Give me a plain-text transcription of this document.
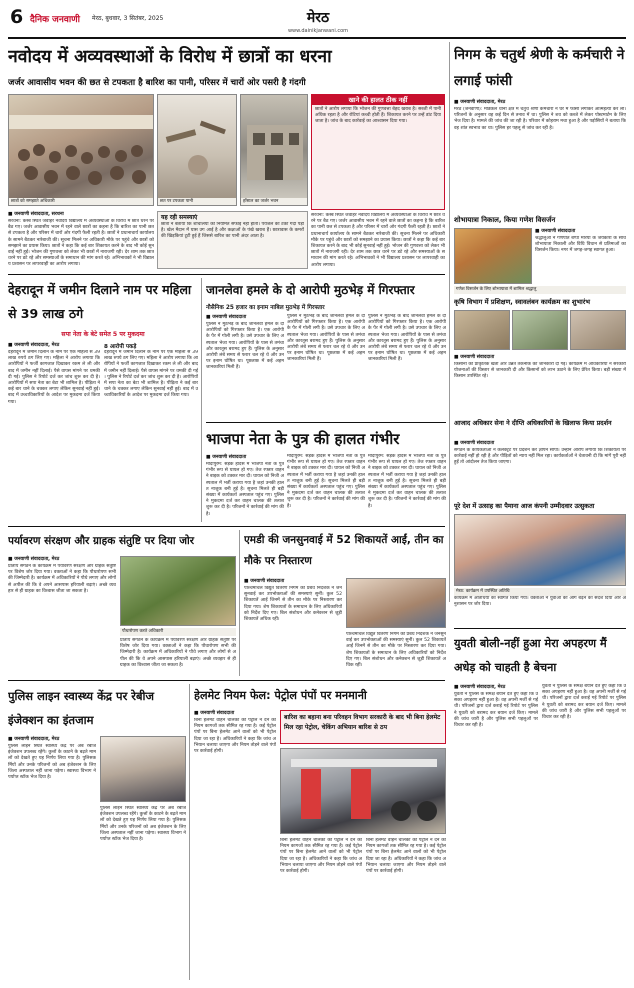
6 दैनिक जनवाणी मेरठ, बुधवार, 3 सितंबर, 2025	मेरठ
www.dainikjanwani.com
नवोदय में अव्यवस्थाओं के विरोध में छात्रों का धरना
जर्जर आवासीय भवन की छत से टपकता है बारिश का पानी, परिसर में चारों ओर पसरी है गंदगी
छात्रों को समझाते अधिकारी	छत पर टपकता पानी	हॉस्टल का जर्जर भवन
खाने की हालत ठीक नहीं
छात्रों ने आरोप लगाया कि भोजन की गुणवत्ता बेहद खराब है। सब्जी में पानी अधिक रहता है और रोटियां कच्ची होती हैं। शिकायत करने पर उन्हें डांट दिया जाता है। जांच के बाद कार्रवाई का आश्वासन दिया गया।
■ जनवाणी संवाददाता, सरधना
सरधना: कस्बे स्थित जवाहर नवोदय विद्यालय में अव्यवस्थाओं के विरोध में छात्र धरने पर बैठ गए। जर्जर आवासीय भवन में रहने वाले छात्रों का कहना है कि बारिश का पानी छत से टपकता है और परिसर में चारों ओर गंदगी फैली रहती है। छात्रों ने प्रधानाचार्य कार्यालय के सामने बैठकर नारेबाजी की। सूचना मिलने पर अधिकारी मौके पर पहुंचे और छात्रों को समझाने का प्रयास किया। छात्रों ने कहा कि कई बार शिकायत करने के बाद भी कोई सुनवाई नहीं हुई। भोजन की गुणवत्ता को लेकर भी छात्रों में नाराजगी रही। देर शाम तक छात्र धरने पर डटे रहे और समस्याओं के समाधान की मांग करते रहे। अभिभावकों ने भी विद्यालय प्रशासन पर लापरवाही का आरोप लगाया।
यह रही समस्याएं
छात्रों ने बताया कि शौचालयों की नियमित सफाई नहीं होती। पेयजल की टंकी गंदी पड़ी है। खेल मैदान में घास उग आई है और कक्षाओं के पंखे खराब हैं। छात्रावास के कमरों की खिड़कियां टूटी हुई हैं जिससे बारिश का पानी अंदर आता है।
सरधना: कस्बे स्थित जवाहर नवोदय विद्यालय में अव्यवस्थाओं के विरोध में छात्र धरने पर बैठ गए। जर्जर आवासीय भवन में रहने वाले छात्रों का कहना है कि बारिश का पानी छत से टपकता है और परिसर में चारों ओर गंदगी फैली रहती है। छात्रों ने प्रधानाचार्य कार्यालय के सामने बैठकर नारेबाजी की। सूचना मिलने पर अधिकारी मौके पर पहुंचे और छात्रों को समझाने का प्रयास किया। छात्रों ने कहा कि कई बार शिकायत करने के बाद भी कोई सुनवाई नहीं हुई। भोजन की गुणवत्ता को लेकर भी छात्रों में नाराजगी रही। देर शाम तक छात्र धरने पर डटे रहे और समस्याओं के समाधान की मांग करते रहे। अभिभावकों ने भी विद्यालय प्रशासन पर लापरवाही का आरोप लगाया।
निगम के चतुर्थ श्रेणी के कर्मचारी ने लगाई फांसी
■ जनवाणी संवाददाता, मेरठ
मेरठ (जनवाणी): मेडिकल थाना क्षेत्र में चतुर्थ श्रेणी कर्मचारी ने घर में फांसी लगाकर आत्महत्या कर ली। परिजनों के अनुसार वह कई दिन से तनाव में था। पुलिस ने शव को कब्जे में लेकर पोस्टमार्टम के लिए भेज दिया है। मामले की जांच की जा रही है। परिवार में कोहराम मचा हुआ है और पड़ोसियों ने बताया कि वह शांत स्वभाव का था। पुलिस हर पहलू से जांच कर रही है।
शोभायात्रा निकाल, किया गणेश विसर्जन
■ जनवाणी संवाददाता
श्रद्धालुओं ने गणपति बप्पा मोरया के जयकारों के साथ शोभायात्रा निकाली और विधि विधान से प्रतिमाओं का विसर्जन किया। नगर में जगह-जगह स्वागत हुआ।
गणेश विसर्जन के लिए शोभायात्रा में शामिल श्रद्धालु
कृषि विभाग में प्रशिक्षण, स्वावलंबन कार्यक्रम का शुभारंभ
■ जनवाणी संवाददाता
किसानों को प्राकृतिक खेती और उन्नत तकनीक की जानकारी दी गई। कार्यक्रम में अधिकारियों ने सरकारी योजनाओं की विस्तार से जानकारी दी और किसानों को लाभ उठाने के लिए प्रेरित किया। बड़ी संख्या में किसान उपस्थित रहे।
आजाद अधिकार सेना ने दीप्ति अधिकारियों के खिलाफ किया प्रदर्शन
■ जनवाणी संवाददाता
संगठन के कार्यकर्ताओं ने कलक्ट्रेट पर प्रदर्शन कर ज्ञापन सौंपा। उन्होंने आरोप लगाया कि शिकायतों पर कार्रवाई नहीं हो रही है और पीड़ितों को न्याय नहीं मिल रहा। कार्यकर्ताओं ने चेतावनी दी कि मांगें पूरी नहीं हुईं तो आंदोलन तेज किया जाएगा।
पूरे देश में उत्साह का पैमाना आज कंपनी उम्मीदवार उत्सुकता
मेरठ: कार्यक्रम में उपस्थित अतिथि
कार्यक्रम में अतिथियों का स्वागत किया गया। वक्ताओं ने युवाओं को आगे बढ़ने का संदेश दिया और अनुशासन पर जोर दिया।
देहरादून में जमीन दिलाने नाम पर महिला से 39 लाख ठगे
सपा नेता के बेटे समेत 5 पर मुकदमा
■ जनवाणी संवाददाता, मेरठ	8 आरोपी पकड़े
देहरादून में जमीन दिलाने के नाम पर एक महिला से 39 लाख रुपये ठग लिए गए। महिला ने आरोप लगाया कि आरोपियों ने फर्जी कागजात दिखाकर रकम ले ली और बाद में जमीन नहीं दिलाई। पैसे वापस मांगने पर धमकी दी गई। पुलिस ने रिपोर्ट दर्ज कर जांच शुरू कर दी है। आरोपियों में सपा नेता का बेटा भी शामिल है। पीड़िता ने कई बार थाने के चक्कर लगाए लेकिन सुनवाई नहीं हुई। बाद में उच्चाधिकारियों के आदेश पर मुकदमा दर्ज किया गया।
देहरादून में जमीन दिलाने के नाम पर एक महिला से 39 लाख रुपये ठग लिए गए। महिला ने आरोप लगाया कि आरोपियों ने फर्जी कागजात दिखाकर रकम ले ली और बाद में जमीन नहीं दिलाई। पैसे वापस मांगने पर धमकी दी गई। पुलिस ने रिपोर्ट दर्ज कर जांच शुरू कर दी है। आरोपियों में सपा नेता का बेटा भी शामिल है। पीड़िता ने कई बार थाने के चक्कर लगाए लेकिन सुनवाई नहीं हुई। बाद में उच्चाधिकारियों के आदेश पर मुकदमा दर्ज किया गया।
जानलेवा हमले के दो आरोपी मुठभेड़ में गिरफ्तार
नौसैनिक 25 हजार का इनाम नाबिल मुठभेड़ में गिरफ्तार
■ जनवाणी संवाददाता
पुलिस ने मुठभेड़ के बाद जानलेवा हमले के दो आरोपियों को गिरफ्तार किया है। एक आरोपी के पैर में गोली लगी है। उसे उपचार के लिए अस्पताल भेजा गया। आरोपियों के पास से तमंचा और कारतूस बरामद हुए हैं। पुलिस के अनुसार आरोपी लंबे समय से फरार चल रहे थे और उन पर इनाम घोषित था। पूछताछ में कई अहम जानकारियां मिली हैं।
पुलिस ने मुठभेड़ के बाद जानलेवा हमले के दो आरोपियों को गिरफ्तार किया है। एक आरोपी के पैर में गोली लगी है। उसे उपचार के लिए अस्पताल भेजा गया। आरोपियों के पास से तमंचा और कारतूस बरामद हुए हैं। पुलिस के अनुसार आरोपी लंबे समय से फरार चल रहे थे और उन पर इनाम घोषित था। पूछताछ में कई अहम जानकारियां मिली हैं।
पुलिस ने मुठभेड़ के बाद जानलेवा हमले के दो आरोपियों को गिरफ्तार किया है। एक आरोपी के पैर में गोली लगी है। उसे उपचार के लिए अस्पताल भेजा गया। आरोपियों के पास से तमंचा और कारतूस बरामद हुए हैं। पुलिस के अनुसार आरोपी लंबे समय से फरार चल रहे थे और उन पर इनाम घोषित था। पूछताछ में कई अहम जानकारियां मिली हैं।
भाजपा नेता के पुत्र की हालत गंभीर
■ जनवाणी संवाददाता
मोदीपुरम: सड़क हादसे में भाजपा नेता के पुत्र गंभीर रूप से घायल हो गए। तेज रफ्तार वाहन ने बाइक को टक्कर मार दी। घायल को निजी अस्पताल में भर्ती कराया गया है जहां उनकी हालत नाजुक बनी हुई है। सूचना मिलते ही बड़ी संख्या में कार्यकर्ता अस्पताल पहुंच गए। पुलिस ने मुकदमा दर्ज कर वाहन चालक की तलाश शुरू कर दी है। परिजनों ने कार्रवाई की मांग की है।
मोदीपुरम: सड़क हादसे में भाजपा नेता के पुत्र गंभीर रूप से घायल हो गए। तेज रफ्तार वाहन ने बाइक को टक्कर मार दी। घायल को निजी अस्पताल में भर्ती कराया गया है जहां उनकी हालत नाजुक बनी हुई है। सूचना मिलते ही बड़ी संख्या में कार्यकर्ता अस्पताल पहुंच गए। पुलिस ने मुकदमा दर्ज कर वाहन चालक की तलाश शुरू कर दी है। परिजनों ने कार्रवाई की मांग की है।
मोदीपुरम: सड़क हादसे में भाजपा नेता के पुत्र गंभीर रूप से घायल हो गए। तेज रफ्तार वाहन ने बाइक को टक्कर मार दी। घायल को निजी अस्पताल में भर्ती कराया गया है जहां उनकी हालत नाजुक बनी हुई है। सूचना मिलते ही बड़ी संख्या में कार्यकर्ता अस्पताल पहुंच गए। पुलिस ने मुकदमा दर्ज कर वाहन चालक की तलाश शुरू कर दी है। परिजनों ने कार्रवाई की मांग की है।
पर्यावरण संरक्षण और ग्राहक संतुष्टि पर दिया जोर
■ जनवाणी संवाददाता, मेरठ
प्रांतीय संगठन के कार्यक्रम में पर्यावरण संरक्षण और ग्राहक संतुष्टि पर विशेष जोर दिया गया। वक्ताओं ने कहा कि पौधारोपण सभी की जिम्मेदारी है। कार्यक्रम में अधिकारियों ने पौधे लगाए और लोगों से अपील की कि वे अपने आसपास हरियाली बढ़ाएं। अच्छे व्यवहार से ही ग्राहक का विश्वास जीता जा सकता है।
पौधारोपण करते अधिकारी
प्रांतीय संगठन के कार्यक्रम में पर्यावरण संरक्षण और ग्राहक संतुष्टि पर विशेष जोर दिया गया। वक्ताओं ने कहा कि पौधारोपण सभी की जिम्मेदारी है। कार्यक्रम में अधिकारियों ने पौधे लगाए और लोगों से अपील की कि वे अपने आसपास हरियाली बढ़ाएं। अच्छे व्यवहार से ही ग्राहक का विश्वास जीता जा सकता है।
एमडी की जनसुनवाई में 52 शिकायतें आईं, तीन का मौके पर निस्तारण
■ जनवाणी संवाददाता
पश्चिमांचल विद्युत वितरण निगम की प्रबंध निदेशक ने जनसुनवाई कर उपभोक्ताओं की समस्याएं सुनीं। कुल 52 शिकायतें आईं जिनमें से तीन का मौके पर निस्तारण कर दिया गया। शेष शिकायतों के समाधान के लिए अधिकारियों को निर्देश दिए गए। बिल संशोधन और कनेक्शन से जुड़ी शिकायतें अधिक रहीं।
पश्चिमांचल विद्युत वितरण निगम की प्रबंध निदेशक ने जनसुनवाई कर उपभोक्ताओं की समस्याएं सुनीं। कुल 52 शिकायतें आईं जिनमें से तीन का मौके पर निस्तारण कर दिया गया। शेष शिकायतों के समाधान के लिए अधिकारियों को निर्देश दिए गए। बिल संशोधन और कनेक्शन से जुड़ी शिकायतें अधिक रहीं।
पुलिस लाइन स्वास्थ्य केंद्र पर रेबीज इंजेक्शन का इंतजाम
■ जनवाणी संवाददाता, मेरठ
पुलिस लाइन स्थित स्वास्थ्य केंद्र पर अब रेबीज इंजेक्शन उपलब्ध रहेंगे। कुत्तों के काटने के बढ़ते मामलों को देखते हुए यह निर्णय लिया गया है। पुलिसकर्मियों और उनके परिजनों को अब इंजेक्शन के लिए जिला अस्पताल नहीं जाना पड़ेगा। स्वास्थ्य विभाग ने पर्याप्त स्टॉक भेज दिया है।
पुलिस लाइन स्थित स्वास्थ्य केंद्र पर अब रेबीज इंजेक्शन उपलब्ध रहेंगे। कुत्तों के काटने के बढ़ते मामलों को देखते हुए यह निर्णय लिया गया है। पुलिसकर्मियों और उनके परिजनों को अब इंजेक्शन के लिए जिला अस्पताल नहीं जाना पड़ेगा। स्वास्थ्य विभाग ने पर्याप्त स्टॉक भेज दिया है।
हेलमेट नियम फेल: पेट्रोल पंपों पर मनमानी
■ जनवाणी संवाददाता
बिना हेलमेट वाहन चालकों को पेट्रोल न देने का नियम कागजों तक सीमित रह गया है। कई पेट्रोल पंपों पर बिना हेलमेट आने वालों को भी पेट्रोल दिया जा रहा है। अधिकारियों ने कहा कि जांच अभियान चलाया जाएगा और नियम तोड़ने वाले पंपों पर कार्रवाई होगी।
बारिश का बहाना बना परिवहन विभाग सरकारी के बाद भी बिना हेलमेट मिल रहा पेट्रोल, चेकिंग अभियान बारिश से ठप
बिना हेलमेट वाहन चालकों को पेट्रोल न देने का नियम कागजों तक सीमित रह गया है। कई पेट्रोल पंपों पर बिना हेलमेट आने वालों को भी पेट्रोल दिया जा रहा है। अधिकारियों ने कहा कि जांच अभियान चलाया जाएगा और नियम तोड़ने वाले पंपों पर कार्रवाई होगी।
बिना हेलमेट वाहन चालकों को पेट्रोल न देने का नियम कागजों तक सीमित रह गया है। कई पेट्रोल पंपों पर बिना हेलमेट आने वालों को भी पेट्रोल दिया जा रहा है। अधिकारियों ने कहा कि जांच अभियान चलाया जाएगा और नियम तोड़ने वाले पंपों पर कार्रवाई होगी।
युवती बोली-नहीं हुआ मेरा अपहरण मैं अधेड़ को चाहती है बेचना
■ जनवाणी संवाददाता, मेरठ
युवती ने पुलिस के समक्ष बयान देते हुए कहा कि उसका अपहरण नहीं हुआ है। वह अपनी मर्जी से गई थी। परिजनों द्वारा दर्ज कराई गई रिपोर्ट पर पुलिस ने युवती को बरामद कर बयान दर्ज किए। मामले की जांच जारी है और पुलिस सभी पहलुओं पर विचार कर रही है।
युवती ने पुलिस के समक्ष बयान देते हुए कहा कि उसका अपहरण नहीं हुआ है। वह अपनी मर्जी से गई थी। परिजनों द्वारा दर्ज कराई गई रिपोर्ट पर पुलिस ने युवती को बरामद कर बयान दर्ज किए। मामले की जांच जारी है और पुलिस सभी पहलुओं पर विचार कर रही है।
